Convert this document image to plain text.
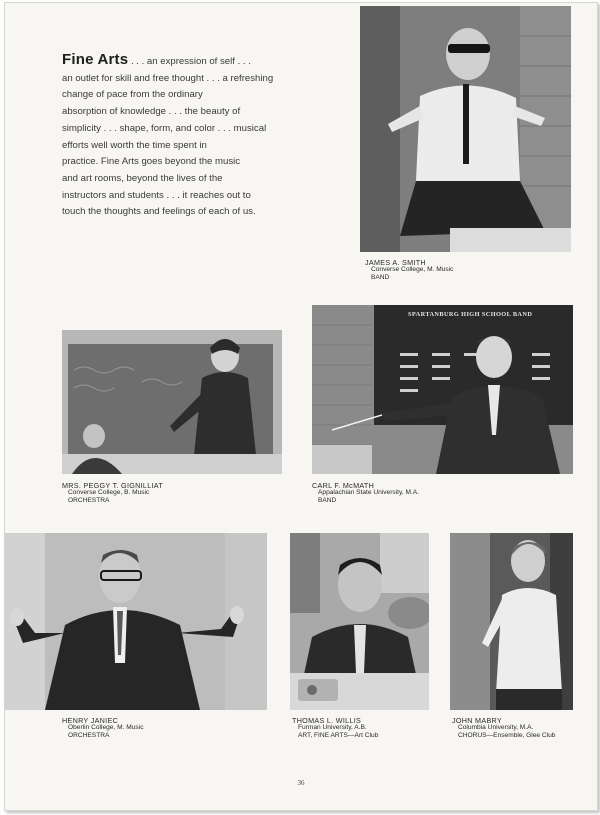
Fine Arts . . . an expression of self . . .
an outlet for skill and free thought . . . a refreshing
change of pace from the ordinary
absorption of knowledge . . . the beauty of
simplicity . . . shape, form, and color . . . musical
efforts well worth the time spent in
practice. Fine Arts goes beyond the music
and art rooms, beyond the lives of the
instructors and students . . . it reaches out to
touch the thoughts and feelings of each of us.
JAMES A. SMITH
Converse College, M. Music
BAND
MRS. PEGGY T. GIGNILLIAT
Converse College, B. Music
ORCHESTRA
SPARTANBURG HIGH SCHOOL BAND
CARL F. McMATH
Appalachian State University, M.A.
BAND
HENRY JANIEC
Oberlin College, M. Music
ORCHESTRA
THOMAS L. WILLIS
Furman University, A.B.
ART, FINE ARTS—Art Club
JOHN MABRY
Columbia University, M.A.
CHORUS—Ensemble, Glee Club
36
